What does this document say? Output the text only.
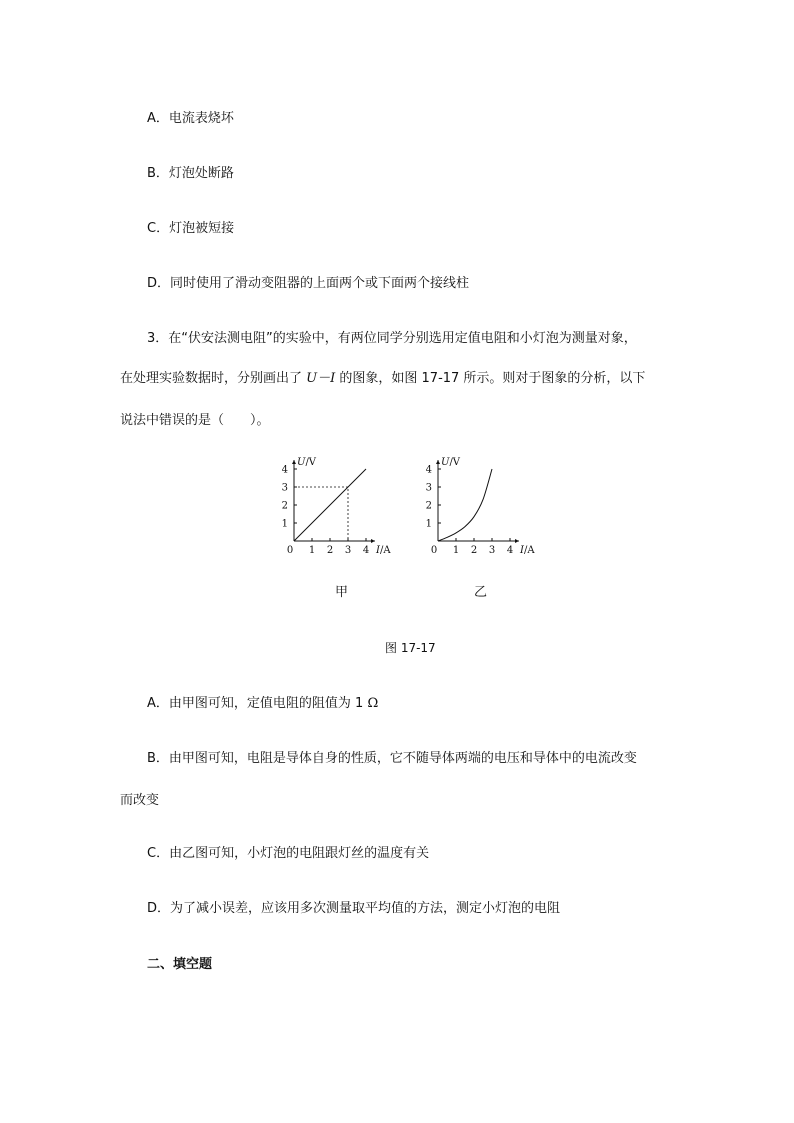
A．电流表烧坏
B．灯泡处断路
C．灯泡被短接
D．同时使用了滑动变阻器的上面两个或下面两个接线柱
3．在“伏安法测电阻”的实验中，有两位同学分别选用定值电阻和小灯泡为测量对象，
在处理实验数据时，分别画出了 U－I 的图象，如图 17-17 所示。则对于图象的分析，以下
说法中错误的是（　　）。
0 1 2 3 4
1
2
3
4
I/A
U/V
0 1 2 3 4
1
2
3
4
I/A
U/V
甲	乙
图 17-17
A．由甲图可知，定值电阻的阻值为 1 Ω
B．由甲图可知，电阻是导体自身的性质，它不随导体两端的电压和导体中的电流改变
而改变
C．由乙图可知，小灯泡的电阻跟灯丝的温度有关
D．为了减小误差，应该用多次测量取平均值的方法，测定小灯泡的电阻
二、填空题
